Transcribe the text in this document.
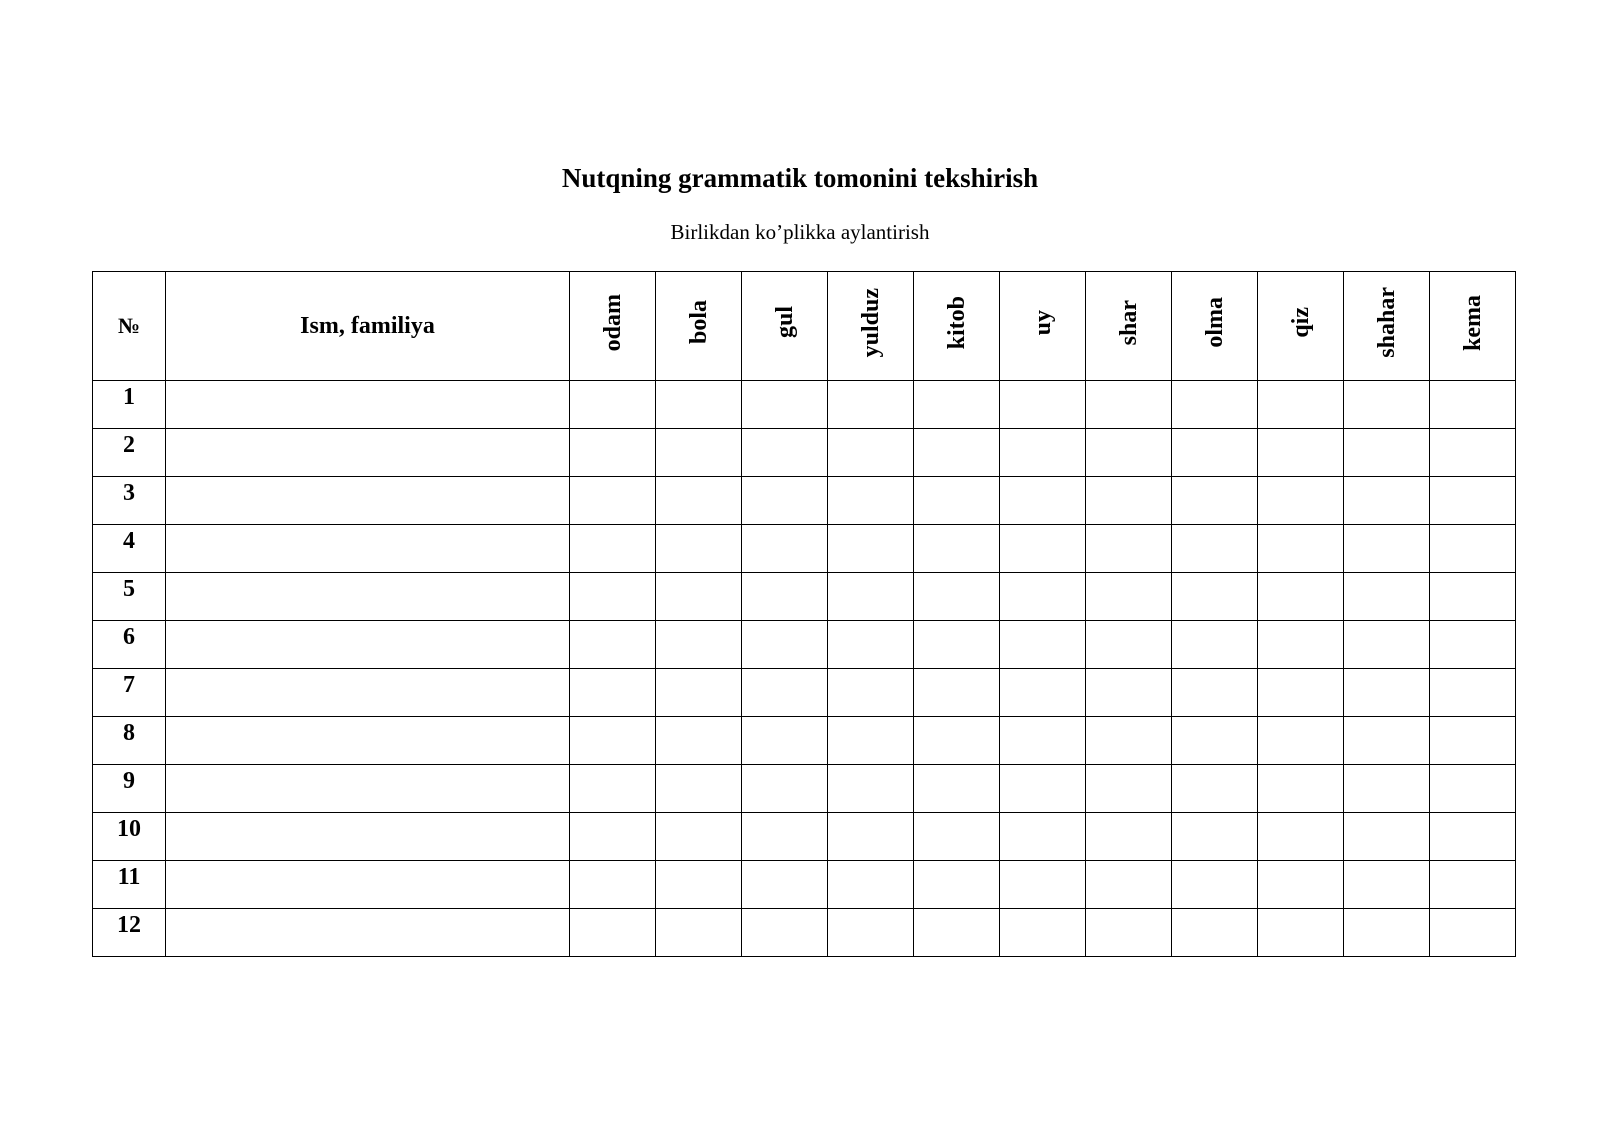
Nutqning grammatik tomonini tekshirish
Birlikdan ko’plikka aylantirish
№	Ism, familiya	odam	bola	gul	yulduz	kitob	uy	shar	olma	qiz	shahar	kema
1												
2												
3												
4												
5												
6												
7												
8												
9												
10												
11												
12												
